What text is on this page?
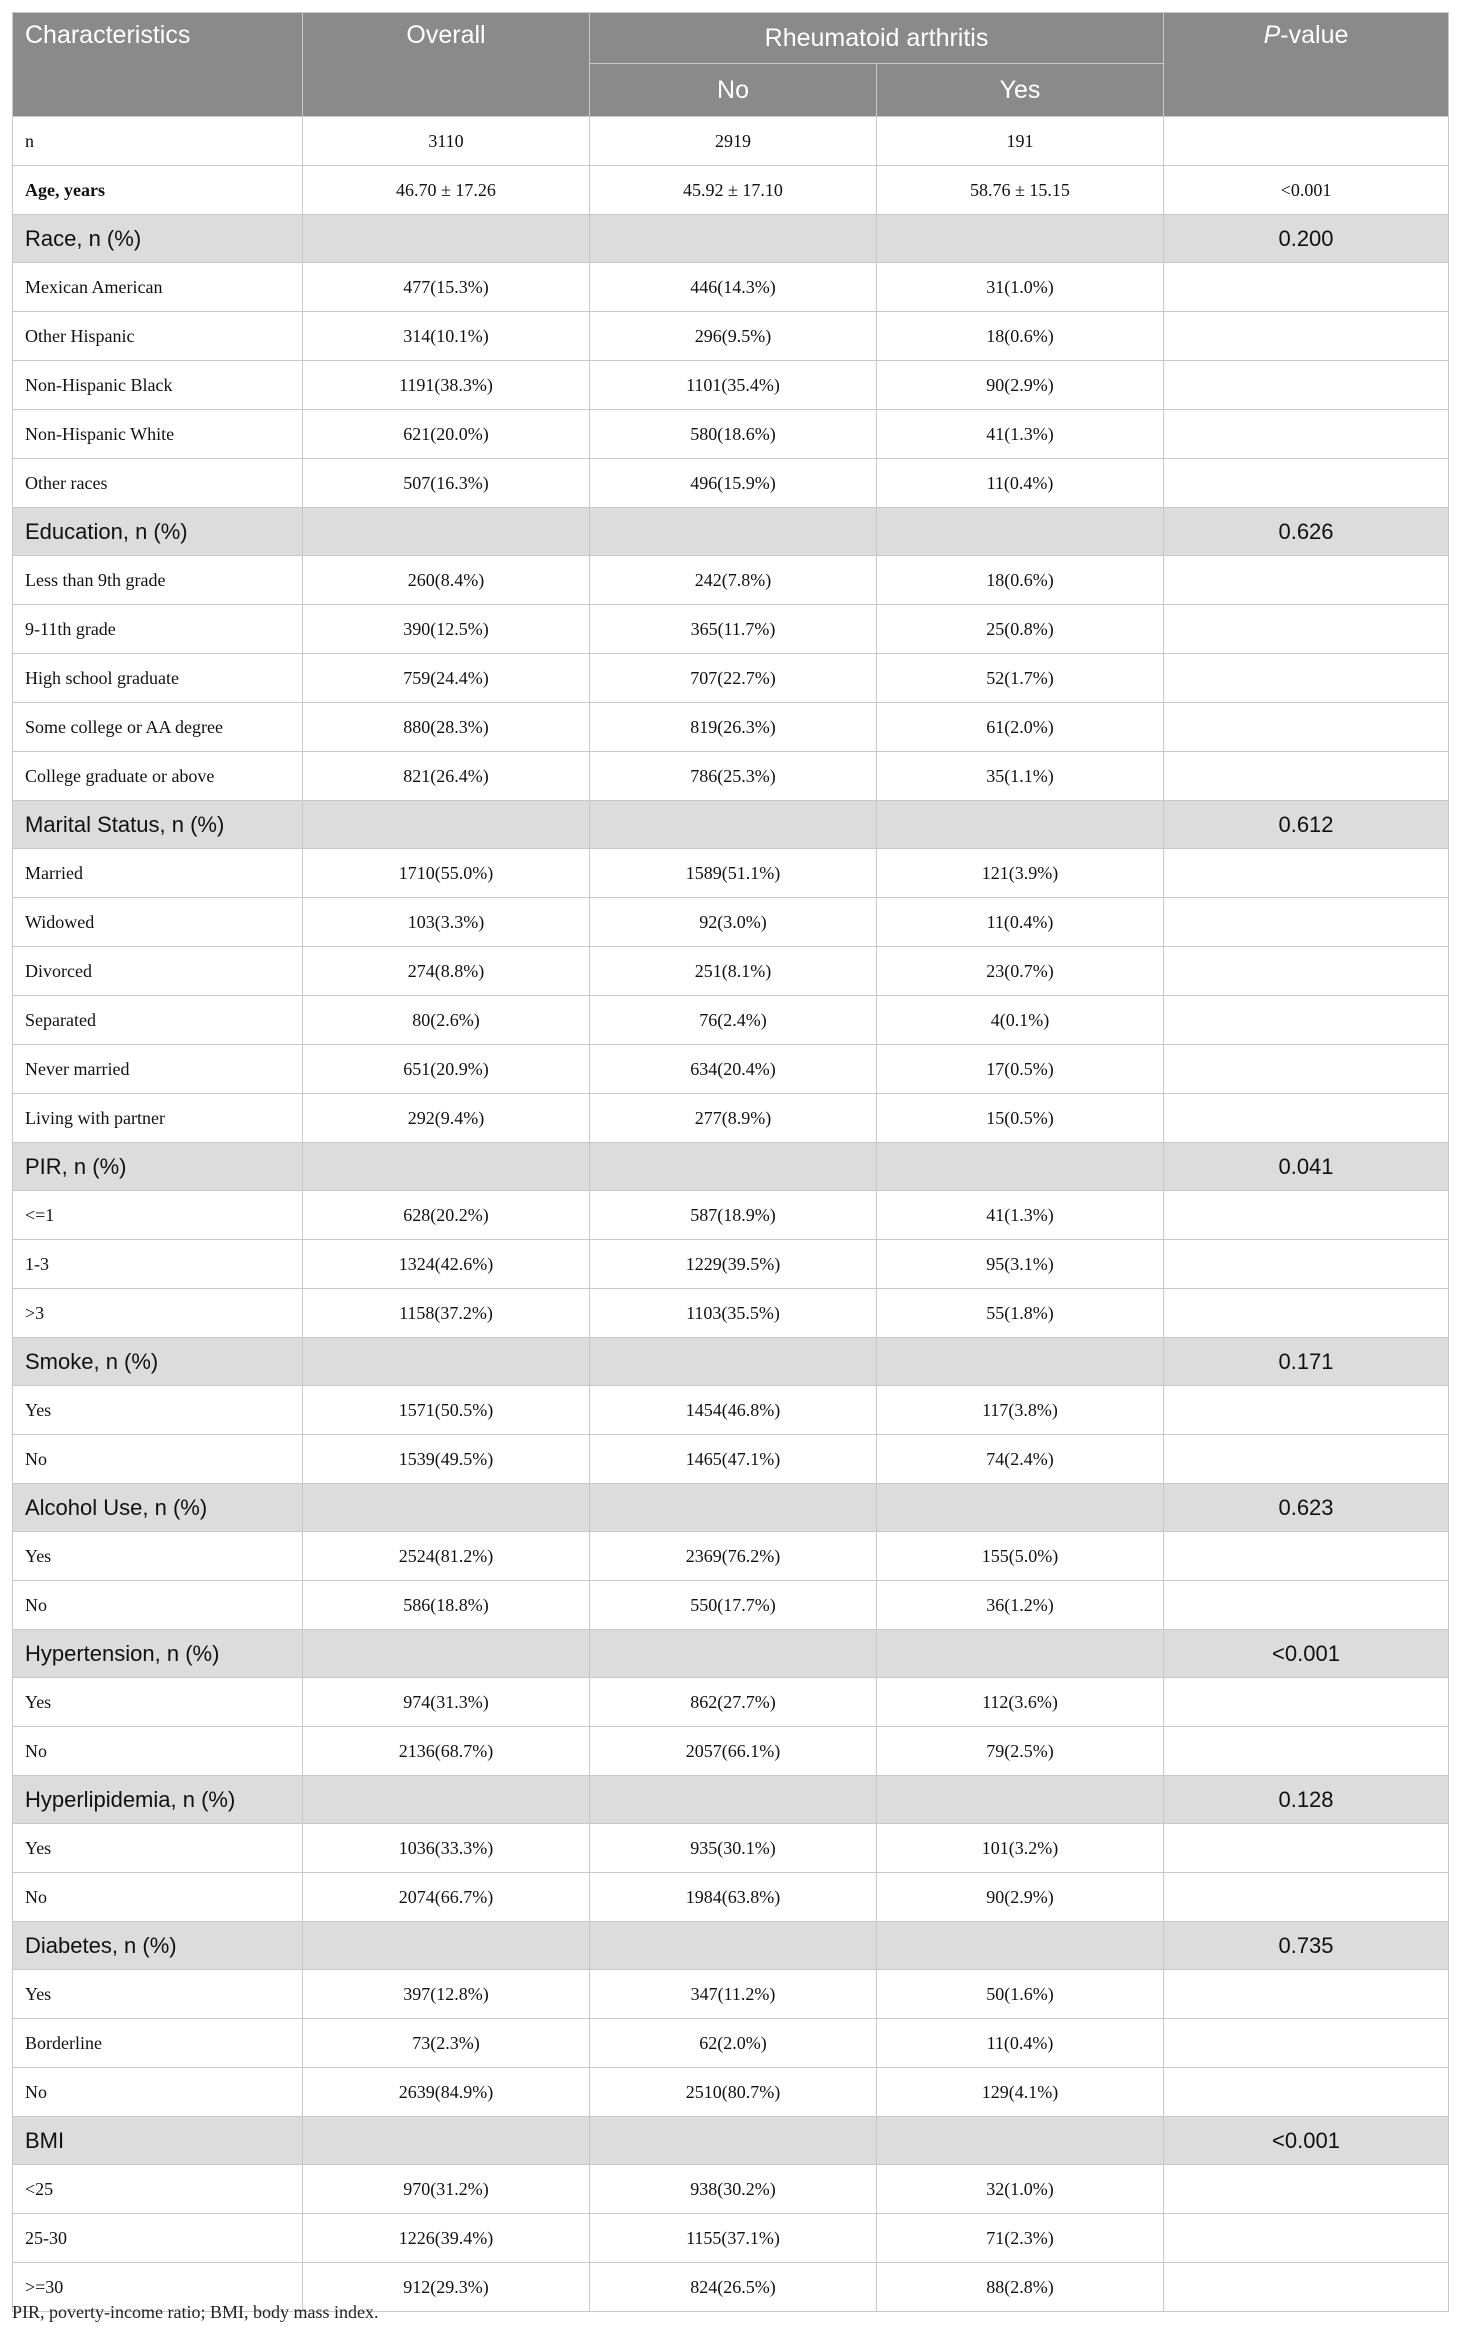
Characteristics	Overall	Rheumatoid arthritis		P-value
		No	Yes	
n	3110	2919	191	
Age, years	46.70 ± 17.26	45.92 ± 17.10	58.76 ± 15.15	<0.001
Race, n (%)				0.200
Mexican American	477(15.3%)	446(14.3%)	31(1.0%)	
Other Hispanic	314(10.1%)	296(9.5%)	18(0.6%)	
Non-Hispanic Black	1191(38.3%)	1101(35.4%)	90(2.9%)	
Non-Hispanic White	621(20.0%)	580(18.6%)	41(1.3%)	
Other races	507(16.3%)	496(15.9%)	11(0.4%)	
Education, n (%)				0.626
Less than 9th grade	260(8.4%)	242(7.8%)	18(0.6%)	
9-11th grade	390(12.5%)	365(11.7%)	25(0.8%)	
High school graduate	759(24.4%)	707(22.7%)	52(1.7%)	
Some college or AA degree	880(28.3%)	819(26.3%)	61(2.0%)	
College graduate or above	821(26.4%)	786(25.3%)	35(1.1%)	
Marital Status, n (%)				0.612
Married	1710(55.0%)	1589(51.1%)	121(3.9%)	
Widowed	103(3.3%)	92(3.0%)	11(0.4%)	
Divorced	274(8.8%)	251(8.1%)	23(0.7%)	
Separated	80(2.6%)	76(2.4%)	4(0.1%)	
Never married	651(20.9%)	634(20.4%)	17(0.5%)	
Living with partner	292(9.4%)	277(8.9%)	15(0.5%)	
PIR, n (%)				0.041
<=1	628(20.2%)	587(18.9%)	41(1.3%)	
1-3	1324(42.6%)	1229(39.5%)	95(3.1%)	
>3	1158(37.2%)	1103(35.5%)	55(1.8%)	
Smoke, n (%)				0.171
Yes	1571(50.5%)	1454(46.8%)	117(3.8%)	
No	1539(49.5%)	1465(47.1%)	74(2.4%)	
Alcohol Use, n (%)				0.623
Yes	2524(81.2%)	2369(76.2%)	155(5.0%)	
No	586(18.8%)	550(17.7%)	36(1.2%)	
Hypertension, n (%)				<0.001
Yes	974(31.3%)	862(27.7%)	112(3.6%)	
No	2136(68.7%)	2057(66.1%)	79(2.5%)	
Hyperlipidemia, n (%)				0.128
Yes	1036(33.3%)	935(30.1%)	101(3.2%)	
No	2074(66.7%)	1984(63.8%)	90(2.9%)	
Diabetes, n (%)				0.735
Yes	397(12.8%)	347(11.2%)	50(1.6%)	
Borderline	73(2.3%)	62(2.0%)	11(0.4%)	
No	2639(84.9%)	2510(80.7%)	129(4.1%)	
BMI				<0.001
<25	970(31.2%)	938(30.2%)	32(1.0%)	
25-30	1226(39.4%)	1155(37.1%)	71(2.3%)	
>=30	912(29.3%)	824(26.5%)	88(2.8%)	
PIR, poverty-income ratio; BMI, body mass index.
